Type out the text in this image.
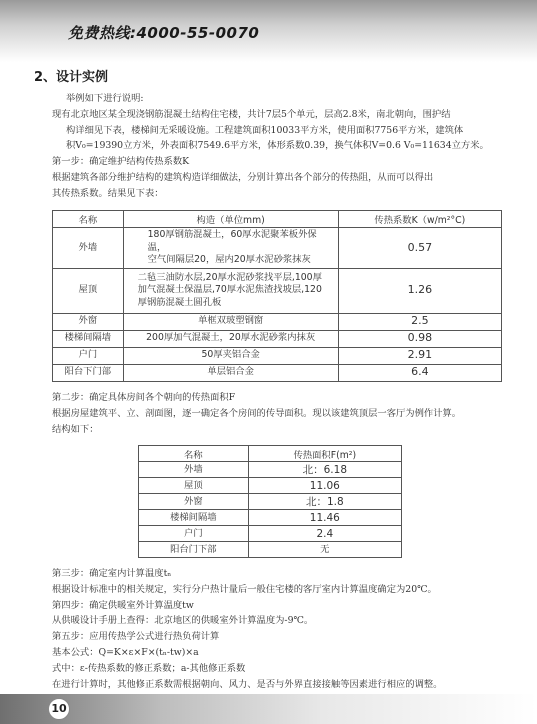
免费热线:4000-55-0070
2、设计实例

举例如下进行说明:

现有北京地区某全现浇钢筋混凝土结构住宅楼，共计7层5个单元，层高2.8米，南北朝向，围护结

构详细见下表，楼梯间无采暖设施。工程建筑面积10033平方米，使用面积7756平方米，建筑体

积V₀=19390立方米，外表面积7549.6平方米，体形系数0.39，换气体积V=0.6 V₀=11634立方米。

第一步：确定维护结构传热系数K

根据建筑各部分维护结构的建筑构造详细做法，分别计算出各个部分的传热阻，从而可以得出

其传热系数。结果见下表：

名称	构造（单位mm)	传热系数K（w/m²°C)
外墙	180厚钢筋混凝土，60厚水泥聚苯板外保温，
空气间隔层20，屋内20厚水泥砂浆抹灰	0.57
屋顶	二毡三油防水层,20厚水泥砂浆找平层,100厚
加气混凝土保温层,70厚水泥焦渣找坡层,120
厚钢筋混凝土圆孔板	1.26
外窗	单框双玻塑钢窗	2.5
楼梯间隔墙	200厚加气混凝土，20厚水泥砂浆内抹灰	0.98
户门	50厚夹铝合金	2.91
阳台下门部	单层铝合金	6.4

第二步：确定具体房间各个朝向的传热面积F

根据房屋建筑平、立、剖面图，逐一确定各个房间的传导面积。现以该建筑顶层一客厅为例作计算。

结构如下：

名称	传热面积F(m²)
外墙	北：6.18
屋顶	11.06
外窗	北：1.8
楼梯间隔墙	11.46
户门	2.4
阳台门下部	无

第三步：确定室内计算温度tₙ

根据设计标准中的相关规定，实行分户热计量后一般住宅楼的客厅室内计算温度确定为20℃。

第四步：确定供暖室外计算温度tw

从供暖设计手册上查得：北京地区的供暖室外计算温度为-9℃。

第五步：应用传热学公式进行热负荷计算

基本公式：Q=K×ε×F×(tₙ-tw)×a

式中：ε-传热系数的修正系数；a-其他修正系数

在进行计算时，其他修正系数需根据朝向、风力、是否与外界直接接触等因素进行相应的调整。

10
